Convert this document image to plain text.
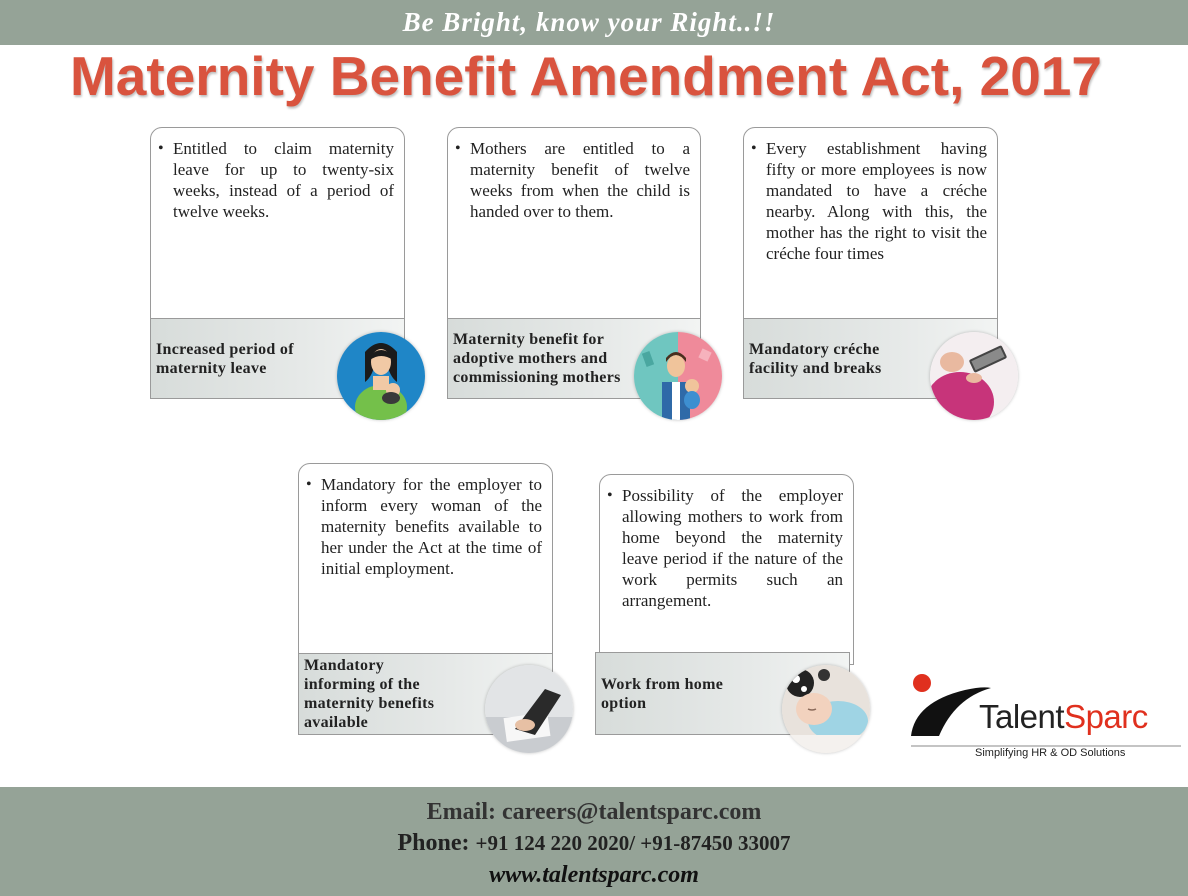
Be Bright, know your Right..!!
Maternity Benefit Amendment Act, 2017
• Entitled to claim maternity leave for up to twenty-six weeks, instead of a period of twelve weeks.
Increased period of maternity leave
• Mothers are entitled to a maternity benefit of twelve weeks from when the child is handed over to them.
Maternity benefit for adoptive mothers and commissioning mothers
• Every establishment having fifty or more employees is now mandated to have a créche nearby. Along with this, the mother has the right to visit the créche four times
Mandatory créche facility and breaks
• Mandatory for the employer to inform every woman of the maternity benefits available to her under the Act at the time of initial employment.
Mandatory informing of the maternity benefits available
• Possibility of the employer allowing mothers to work from home beyond the maternity leave period if the nature of the work permits such an arrangement.
Work from home option	TalentSparc
Simplifying HR & OD Solutions
Email: careers@talentsparc.com
Phone: +91 124 220 2020/ +91-87450 33007
www.talentsparc.com
